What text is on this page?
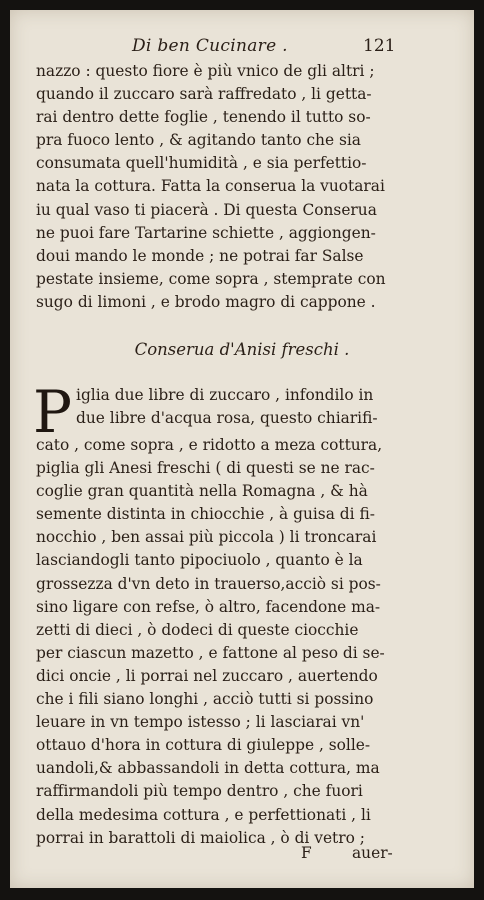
Di ben Cucinare .	121
nazzo : questo fiore è più vnico de gli altri ;
quando il zuccaro sarà raffredato , li getta-
rai dentro dette foglie , tenendo il tutto so-
pra fuoco lento , & agitando tanto che sia
consumata quell'humidità , e sia perfettio-
nata la cottura. Fatta la conserua la vuotarai
iu qual vaso ti piacerà . Di questa Conserua
ne puoi fare Tartarine schiette , aggiongen-
doui mando le monde ; ne potrai far Salse
pestate insieme, come sopra , stemprate con
sugo di limoni , e brodo magro di cappone .
Conserua d'Anisi freschi .
P iglia due libre di zuccaro , infondilo in
due libre d'acqua rosa, questo chiarifi-
cato , come sopra , e ridotto a meza cottura,
piglia gli Anesi freschi ( di questi se ne rac-
coglie gran quantità nella Romagna , & hà
semente distinta in chiocchie , à guisa di fi-
nocchio , ben assai più piccola ) li troncarai
lasciandogli tanto pipociuolo , quanto è la
grossezza d'vn deto in trauerso,acciò si pos-
sino ligare con refse, ò altro, facendone ma-
zetti di dieci , ò dodeci di queste ciocchie
per ciascun mazetto , e fattone al peso di se-
dici oncie , li porrai nel zuccaro , auertendo
che i fili siano longhi , acciò tutti si possino
leuare in vn tempo istesso ; li lasciarai vn'
ottauo d'hora in cottura di giuleppe , solle-
uandoli,& abbassandoli in detta cottura, ma
raffirmandoli più tempo dentro , che fuori
della medesima cottura , e perfettionati , li
porrai in barattoli di maiolica , ò di vetro ;
F	auer-
